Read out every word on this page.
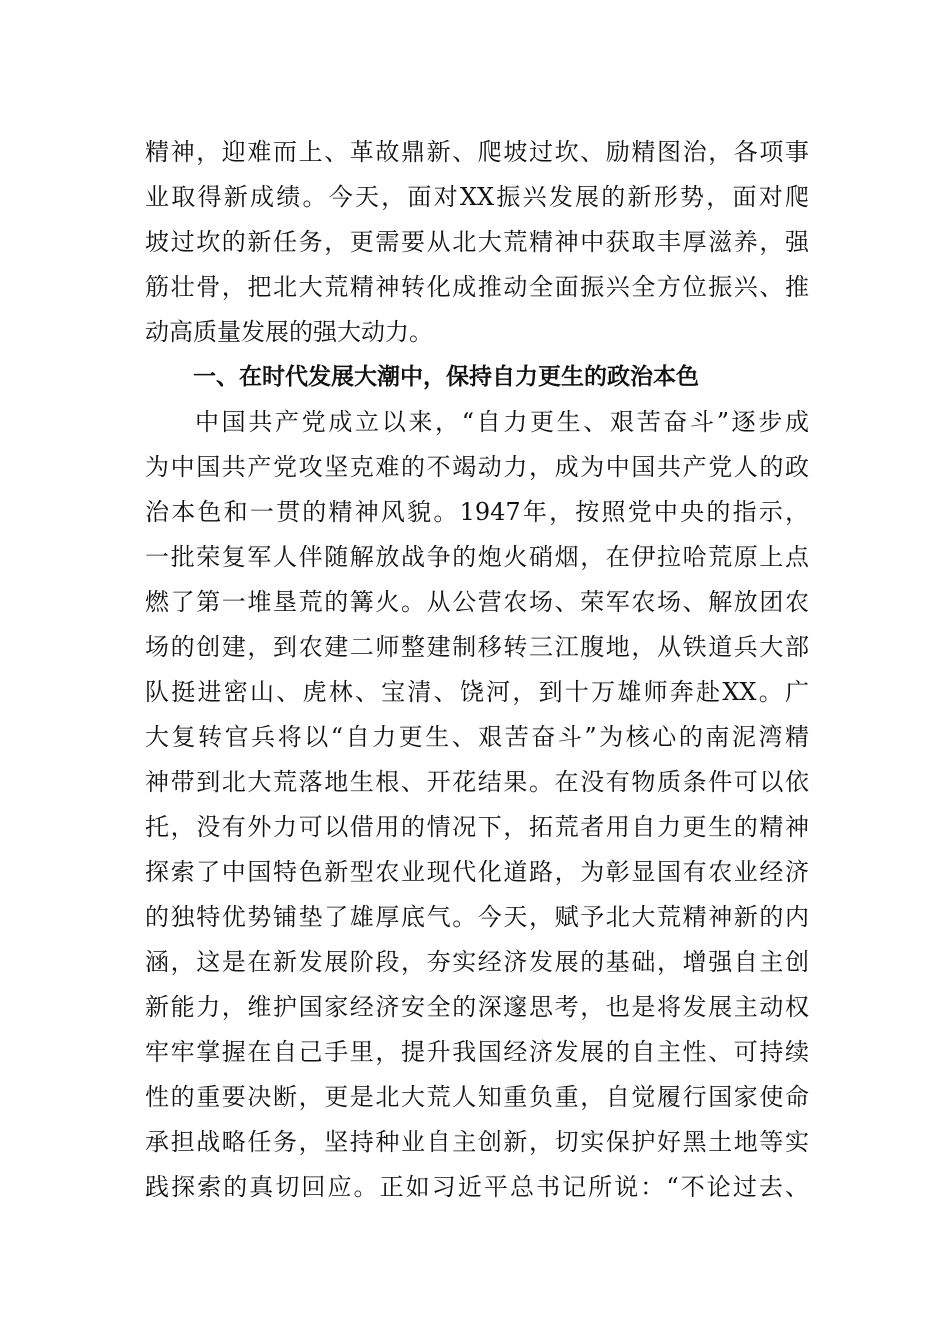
精神，迎难而上、革故鼎新、爬坡过坎、励精图治，各项事
业取得新成绩。今天，面对XX振兴发展的新形势，面对爬
坡过坎的新任务，更需要从北大荒精神中获取丰厚滋养，强
筋壮骨，把北大荒精神转化成推动全面振兴全方位振兴、推
动高质量发展的强大动力。
一、在时代发展大潮中，保持自力更生的政治本色
中国共产党成立以来，“自力更生、艰苦奋斗”逐步成
为中国共产党攻坚克难的不竭动力，成为中国共产党人的政
治本色和一贯的精神风貌。1947年，按照党中央的指示，
一批荣复军人伴随解放战争的炮火硝烟，在伊拉哈荒原上点
燃了第一堆垦荒的篝火。从公营农场、荣军农场、解放团农
场的创建，到农建二师整建制移转三江腹地，从铁道兵大部
队挺进密山、虎林、宝清、饶河，到十万雄师奔赴XX。广
大复转官兵将以“自力更生、艰苦奋斗”为核心的南泥湾精
神带到北大荒落地生根、开花结果。在没有物质条件可以依
托，没有外力可以借用的情况下，拓荒者用自力更生的精神
探索了中国特色新型农业现代化道路，为彰显国有农业经济
的独特优势铺垫了雄厚底气。今天，赋予北大荒精神新的内
涵，这是在新发展阶段，夯实经济发展的基础，增强自主创
新能力，维护国家经济安全的深邃思考，也是将发展主动权
牢牢掌握在自己手里，提升我国经济发展的自主性、可持续
性的重要决断，更是北大荒人知重负重，自觉履行国家使命
承担战略任务，坚持种业自主创新，切实保护好黑土地等实
践探索的真切回应。正如习近平总书记所说：“不论过去、
